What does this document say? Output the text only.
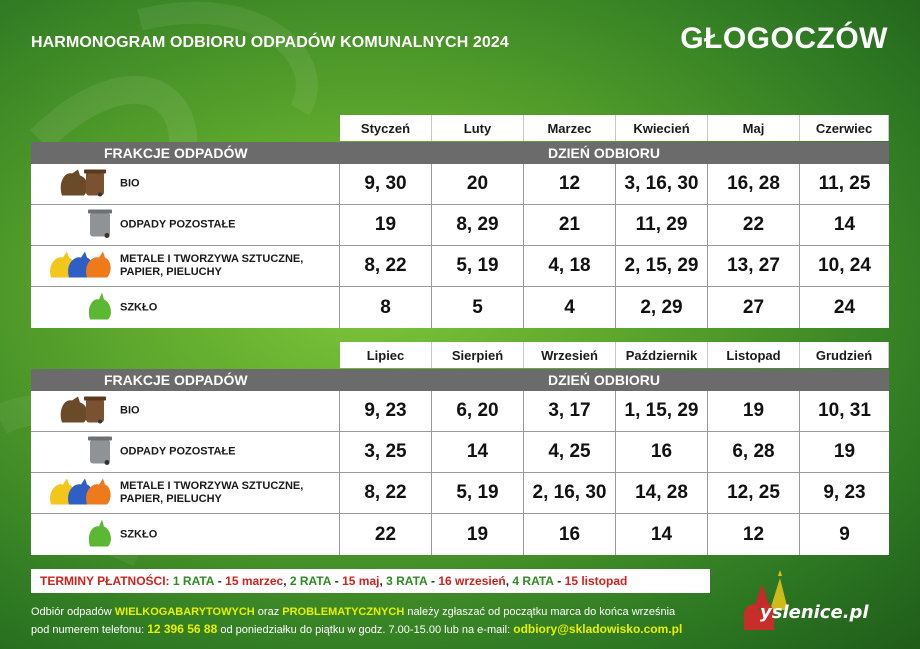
HARMONOGRAM ODBIORU ODPADÓW KOMUNALNYCH 2024	GŁOGOCZÓW
Styczeń	Luty	Marzec	Kwiecień	Maj	Czerwiec
FRAKCJE ODPADÓW	DZIEŃ ODBIORU
BIO	9, 30	20	12	3, 16, 30	16, 28	11, 25
ODPADY POZOSTAŁE	19	8, 29	21	11, 29	22	14
METALE I TWORZYWA SZTUCZNE, PAPIER, PIELUCHY	8, 22	5, 19	4, 18	2, 15, 29	13, 27	10, 24
SZKŁO	8	5	4	2, 29	27	24
Lipiec	Sierpień	Wrzesień	Październik	Listopad	Grudzień
FRAKCJE ODPADÓW	DZIEŃ ODBIORU
BIO	9, 23	6, 20	3, 17	1, 15, 29	19	10, 31
ODPADY POZOSTAŁE	3, 25	14	4, 25	16	6, 28	19
METALE I TWORZYWA SZTUCZNE, PAPIER, PIELUCHY	8, 22	5, 19	2, 16, 30	14, 28	12, 25	9, 23
SZKŁO	22	19	16	14	12	9
TERMINY PŁATNOŚCI:
1 RATA - 15 marzec , 2 RATA - 15 maj , 3 RATA - 16 wrzesień , 4 RATA - 15 listopad
Odbiór odpadów WIELKOGABARYTOWYCH oraz PROBLEMATYCZNYCH należy zgłaszać od początku marca do końca września
pod numerem telefonu: 12 396 56 88 od poniedziałku do piątku w godz. 7.00-15.00 lub na e-mail: odbiory@skladowisko.com.pl
yslenice.pl
